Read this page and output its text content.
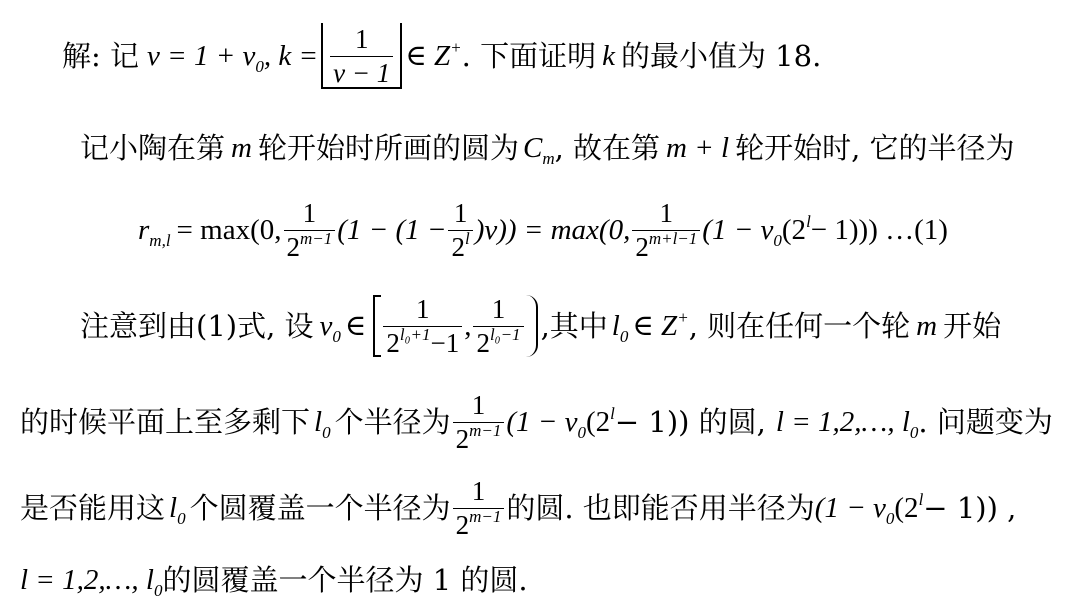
解: 记 $v = 1 + v_0$ , $k = \frac{1}{v - 1}$ ∈ Z+ . 下面证明 k 的最小值为 18.
记小陶在第 m 轮开始时所画的圆为 $C_m$ , 故在第 m + l 轮开始时, 它的半径为
$r_{m,l} = \max(0$, $\frac{1}{2^{m-1}} (1 - (1 - \frac{1}{2^l} )v)) = \max(0$, $\frac{1}{2^{m+l-1}} (1 - v_0$ $(2^l - 1)$)) …(1)
注意到由(1)式, 设 $v_0$ ∈ $\frac{1}{2^{l_0+1}-1}$ , $\frac{1}{2^{l_0-1}}$ ,其中 $l_0$ ∈ Z+ , 则在任何一个轮 m 开始
的时候平面上至多剩下 $l_0$ 个半径为 $\frac{1}{2^{m-1}} (1 - v_0$ $(2^l - 1)$) 的圆, l = 1,2,…, $l_0$ . 问题变为
是否能用这 $l_0$ 个圆覆盖一个半径为 $\frac{1}{2^{m-1}}$ 的圆. 也即能否用半径为 ($1 - v_0$ $(2^l - 1)$) ,
l = 1,2,…, $l_0$ 的圆覆盖一个半径为 1 的圆.
